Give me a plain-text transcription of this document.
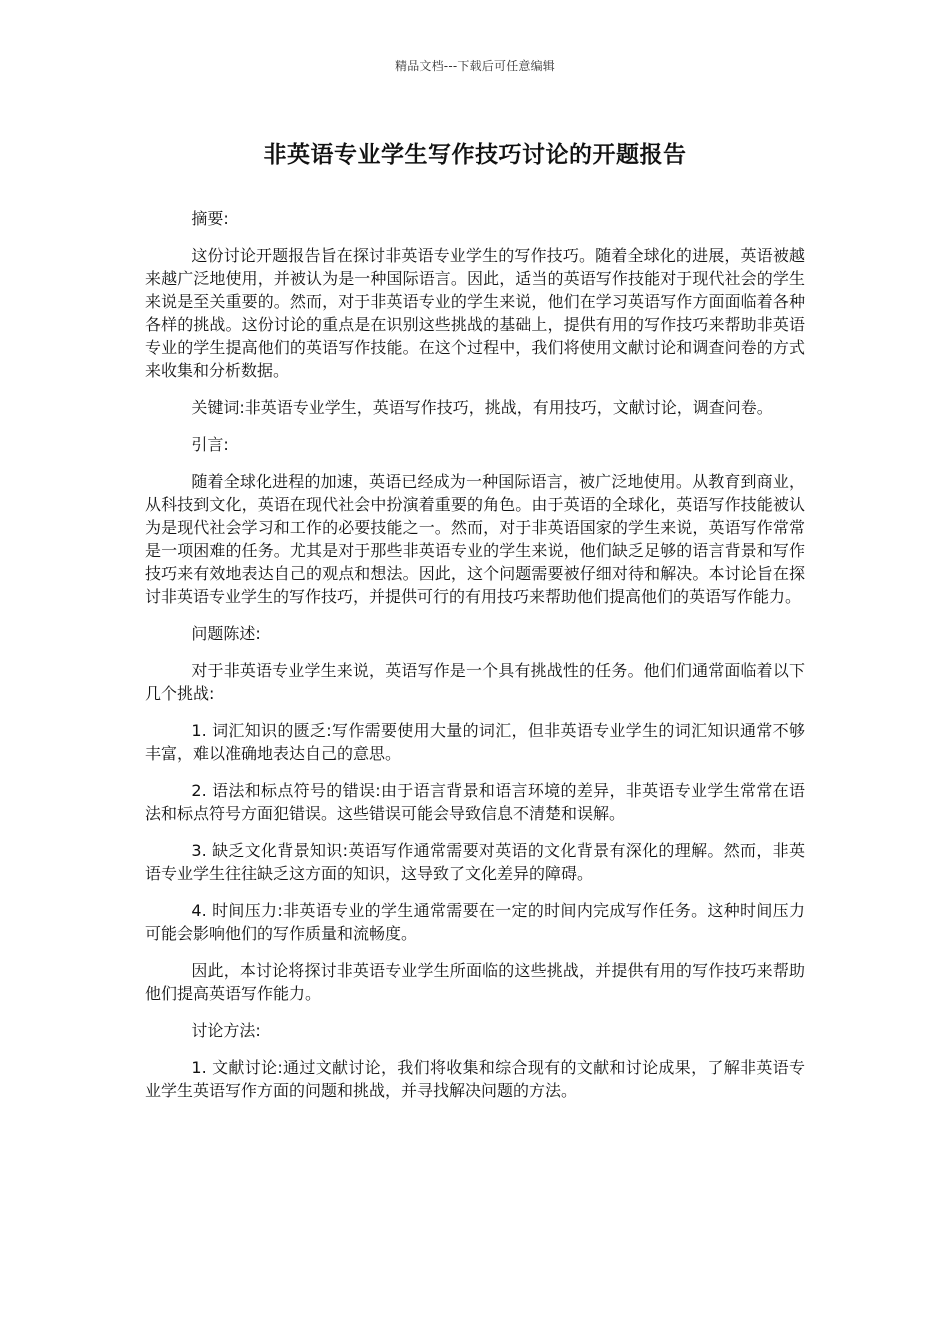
精品文档---下载后可任意编辑
非英语专业学生写作技巧讨论的开题报告

摘要:

这份讨论开题报告旨在探讨非英语专业学生的写作技巧。随着全球化的进展，英语被越来越广泛地使用，并被认为是一种国际语言。因此，适当的英语写作技能对于现代社会的学生来说是至关重要的。然而，对于非英语专业的学生来说，他们在学习英语写作方面面临着各种各样的挑战。这份讨论的重点是在识别这些挑战的基础上，提供有用的写作技巧来帮助非英语专业的学生提高他们的英语写作技能。在这个过程中，我们将使用文献讨论和调查问卷的方式来收集和分析数据。

关键词:非英语专业学生，英语写作技巧，挑战，有用技巧，文献讨论，调查问卷。

引言:

随着全球化进程的加速，英语已经成为一种国际语言，被广泛地使用。从教育到商业，从科技到文化，英语在现代社会中扮演着重要的角色。由于英语的全球化，英语写作技能被认为是现代社会学习和工作的必要技能之一。然而，对于非英语国家的学生来说，英语写作常常是一项困难的任务。尤其是对于那些非英语专业的学生来说，他们缺乏足够的语言背景和写作技巧来有效地表达自己的观点和想法。因此，这个问题需要被仔细对待和解决。本讨论旨在探讨非英语专业学生的写作技巧，并提供可行的有用技巧来帮助他们提高他们的英语写作能力。

问题陈述:

对于非英语专业学生来说，英语写作是一个具有挑战性的任务。他们们通常面临着以下几个挑战:

1. 词汇知识的匮乏:写作需要使用大量的词汇，但非英语专业学生的词汇知识通常不够丰富，难以准确地表达自己的意思。

2. 语法和标点符号的错误:由于语言背景和语言环境的差异，非英语专业学生常常在语法和标点符号方面犯错误。这些错误可能会导致信息不清楚和误解。

3. 缺乏文化背景知识:英语写作通常需要对英语的文化背景有深化的理解。然而，非英语专业学生往往缺乏这方面的知识，这导致了文化差异的障碍。

4. 时间压力:非英语专业的学生通常需要在一定的时间内完成写作任务。这种时间压力可能会影响他们的写作质量和流畅度。

因此，本讨论将探讨非英语专业学生所面临的这些挑战，并提供有用的写作技巧来帮助他们提高英语写作能力。

讨论方法:

1. 文献讨论:通过文献讨论，我们将收集和综合现有的文献和讨论成果，了解非英语专业学生英语写作方面的问题和挑战，并寻找解决问题的方法。
